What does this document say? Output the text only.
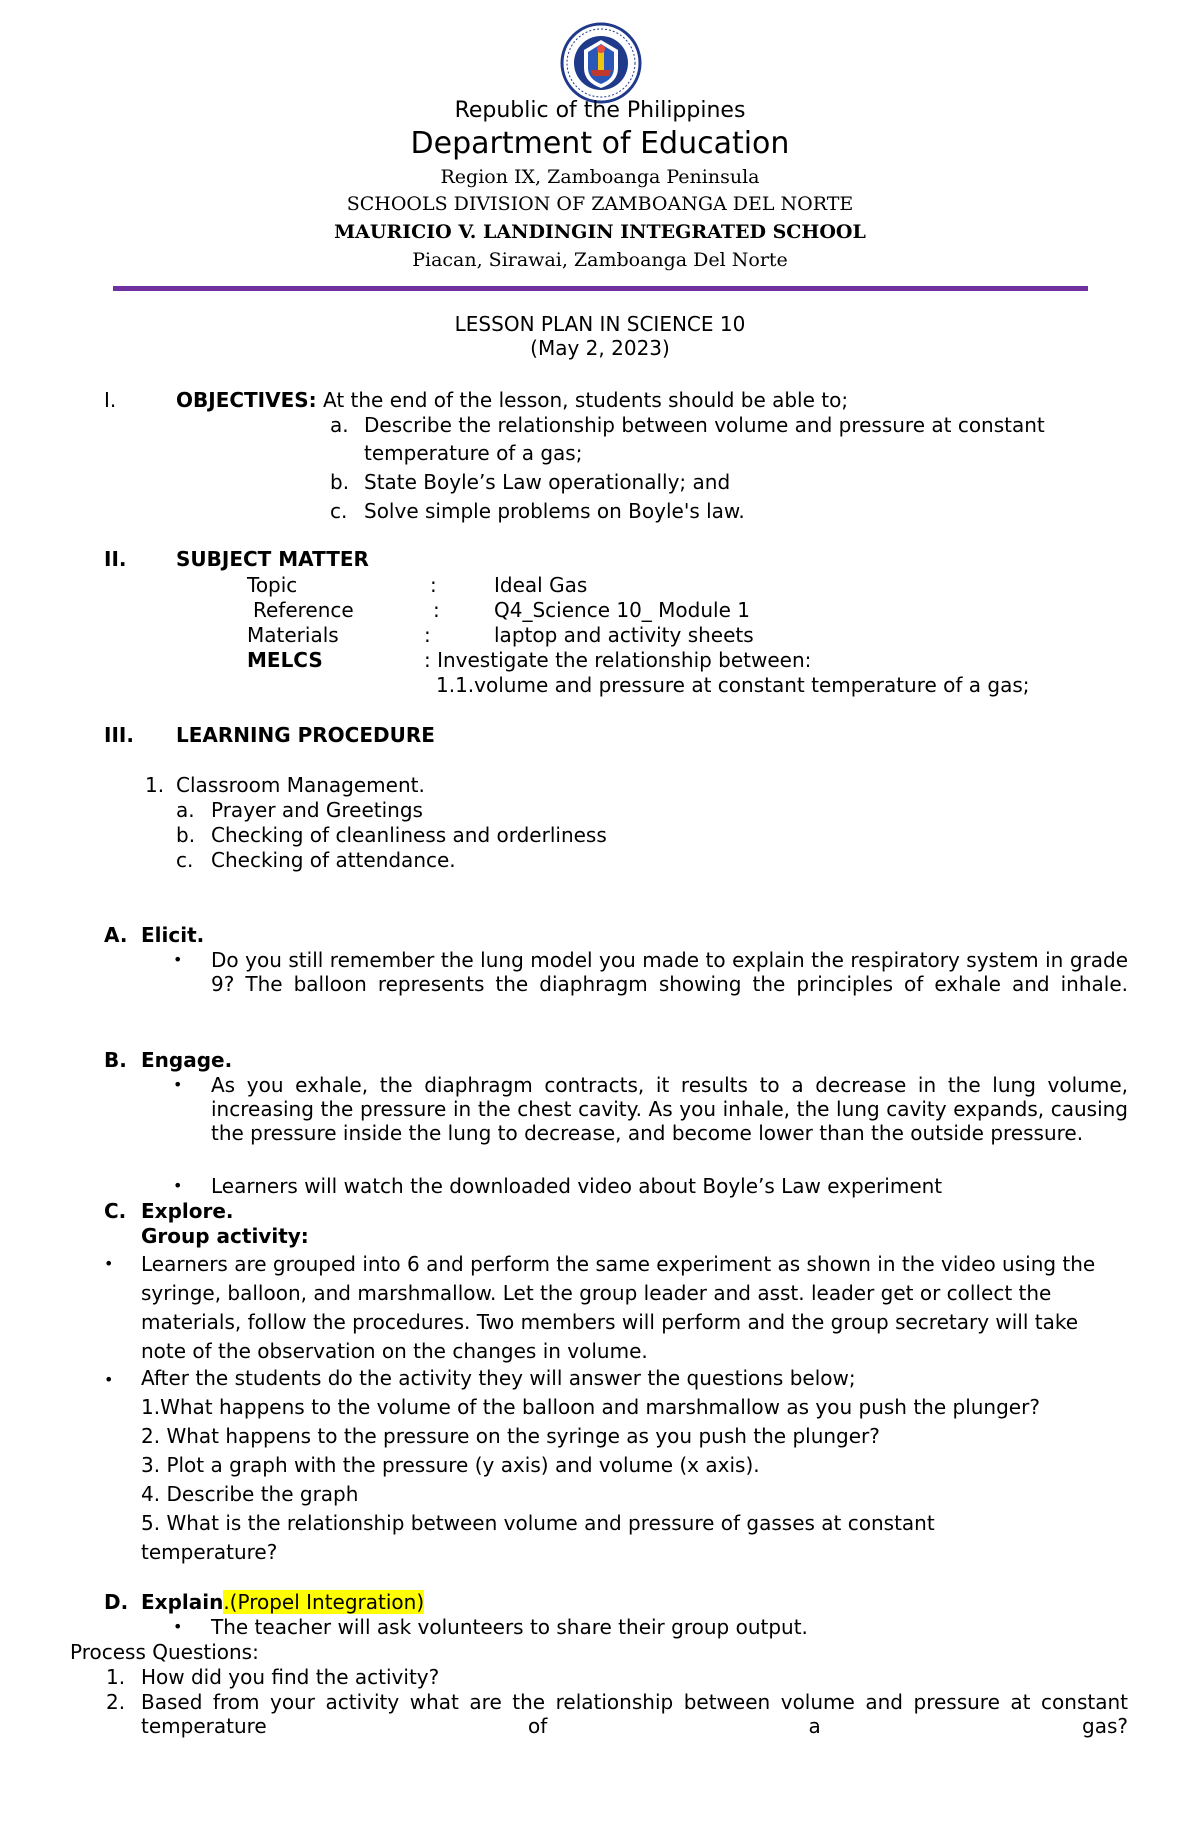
Republic of the Philippines
Department of Education
Region IX, Zamboanga Peninsula
SCHOOLS DIVISION OF ZAMBOANGA DEL NORTE
MAURICIO V. LANDINGIN INTEGRATED SCHOOL
Piacan, Sirawai, Zamboanga Del Norte
LESSON PLAN IN SCIENCE 10
(May 2, 2023)
I.	OBJECTIVES: At the end of the lesson, students should be able to;
a. Describe the relationship between volume and pressure at constant
temperature of a gas;
b. State Boyle’s Law operationally; and
c. Solve simple problems on Boyle's law.
II. SUBJECT MATTER
Topic	:	Ideal Gas
Reference	:	Q4_Science 10_ Module 1
Materials	:	laptop and activity sheets
MELCS	: Investigate the relationship between:
1.1.volume and pressure at constant temperature of a gas;
III. LEARNING PROCEDURE
1. Classroom Management.
a. Prayer and Greetings
b. Checking of cleanliness and orderliness
c. Checking of attendance.
A. Elicit.
• Do you still remember the lung model you made to explain the respiratory system in grade 9? The balloon represents the diaphragm showing the principles of exhale and inhale.
B. Engage.
• As you exhale, the diaphragm contracts, it results to a decrease in the lung volume, increasing the pressure in the chest cavity. As you inhale, the lung cavity expands, causing the pressure inside the lung to decrease, and become lower than the outside pressure.
• Learners will watch the downloaded video about Boyle’s Law experiment
C. Explore.
Group activity:
• Learners are grouped into 6 and perform the same experiment as shown in the video using the syringe, balloon, and marshmallow. Let the group leader and asst. leader get or collect the materials, follow the procedures. Two members will perform and the group secretary will take note of the observation on the changes in volume.
• After the students do the activity they will answer the questions below;
1.What happens to the volume of the balloon and marshmallow as you push the plunger?
2. What happens to the pressure on the syringe as you push the plunger?
3. Plot a graph with the pressure (y axis) and volume (x axis).
4. Describe the graph
5. What is the relationship between volume and pressure of gasses at constant
temperature?
D. Explain.(Propel Integration)
• The teacher will ask volunteers to share their group output.
Process Questions:
1. How did you find the activity?
2. Based from your activity what are the relationship between volume and pressure at constant temperature of a gas?
